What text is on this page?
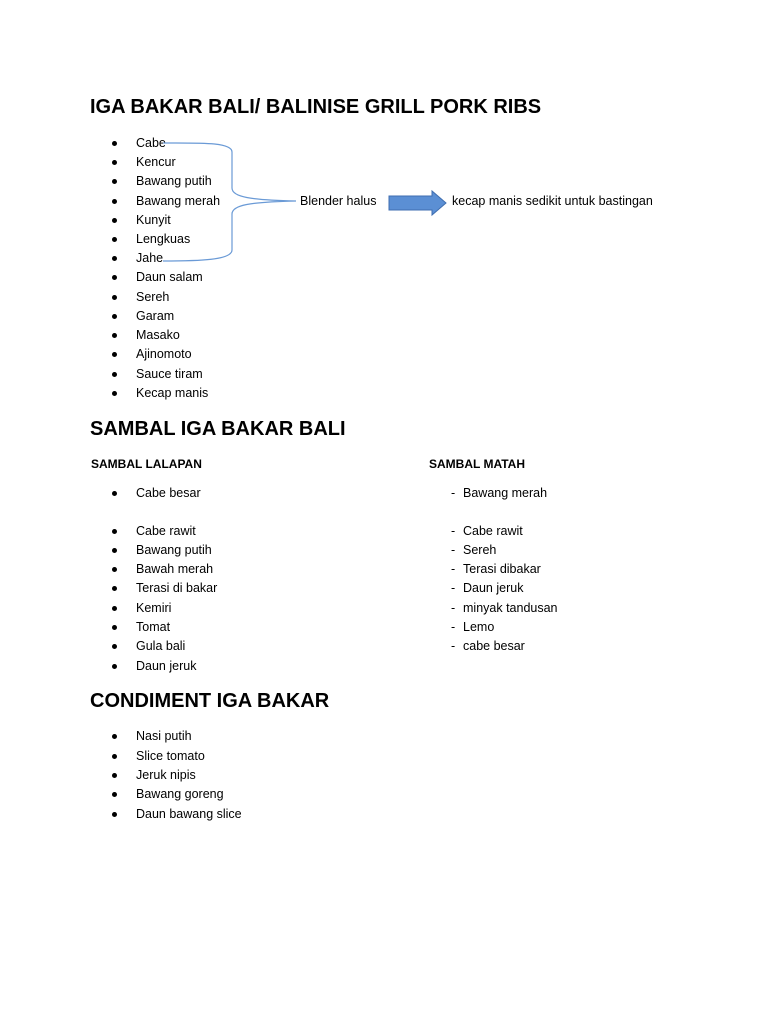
IGA BAKAR BALI/ BALINISE GRILL PORK RIBS
Cabe
Kencur
Bawang putih
Bawang merah
Kunyit
Lengkuas
Jahe
Daun salam
Sereh
Garam
Masako
Ajinomoto
Sauce tiram
Kecap manis
Blender halus	kecap manis sedikit untuk bastingan
SAMBAL IGA BAKAR BALI
SAMBAL LALAPAN	SAMBAL MATAH
Cabe besar
Cabe rawit
Bawang putih
Bawah merah
Terasi di bakar
Kemiri
Tomat
Gula bali
Daun jeruk
- Bawang merah
- Cabe rawit
- Sereh
- Terasi dibakar
- Daun jeruk
- minyak tandusan
- Lemo
- cabe besar
CONDIMENT IGA BAKAR
Nasi putih
Slice tomato
Jeruk nipis
Bawang goreng
Daun bawang slice
